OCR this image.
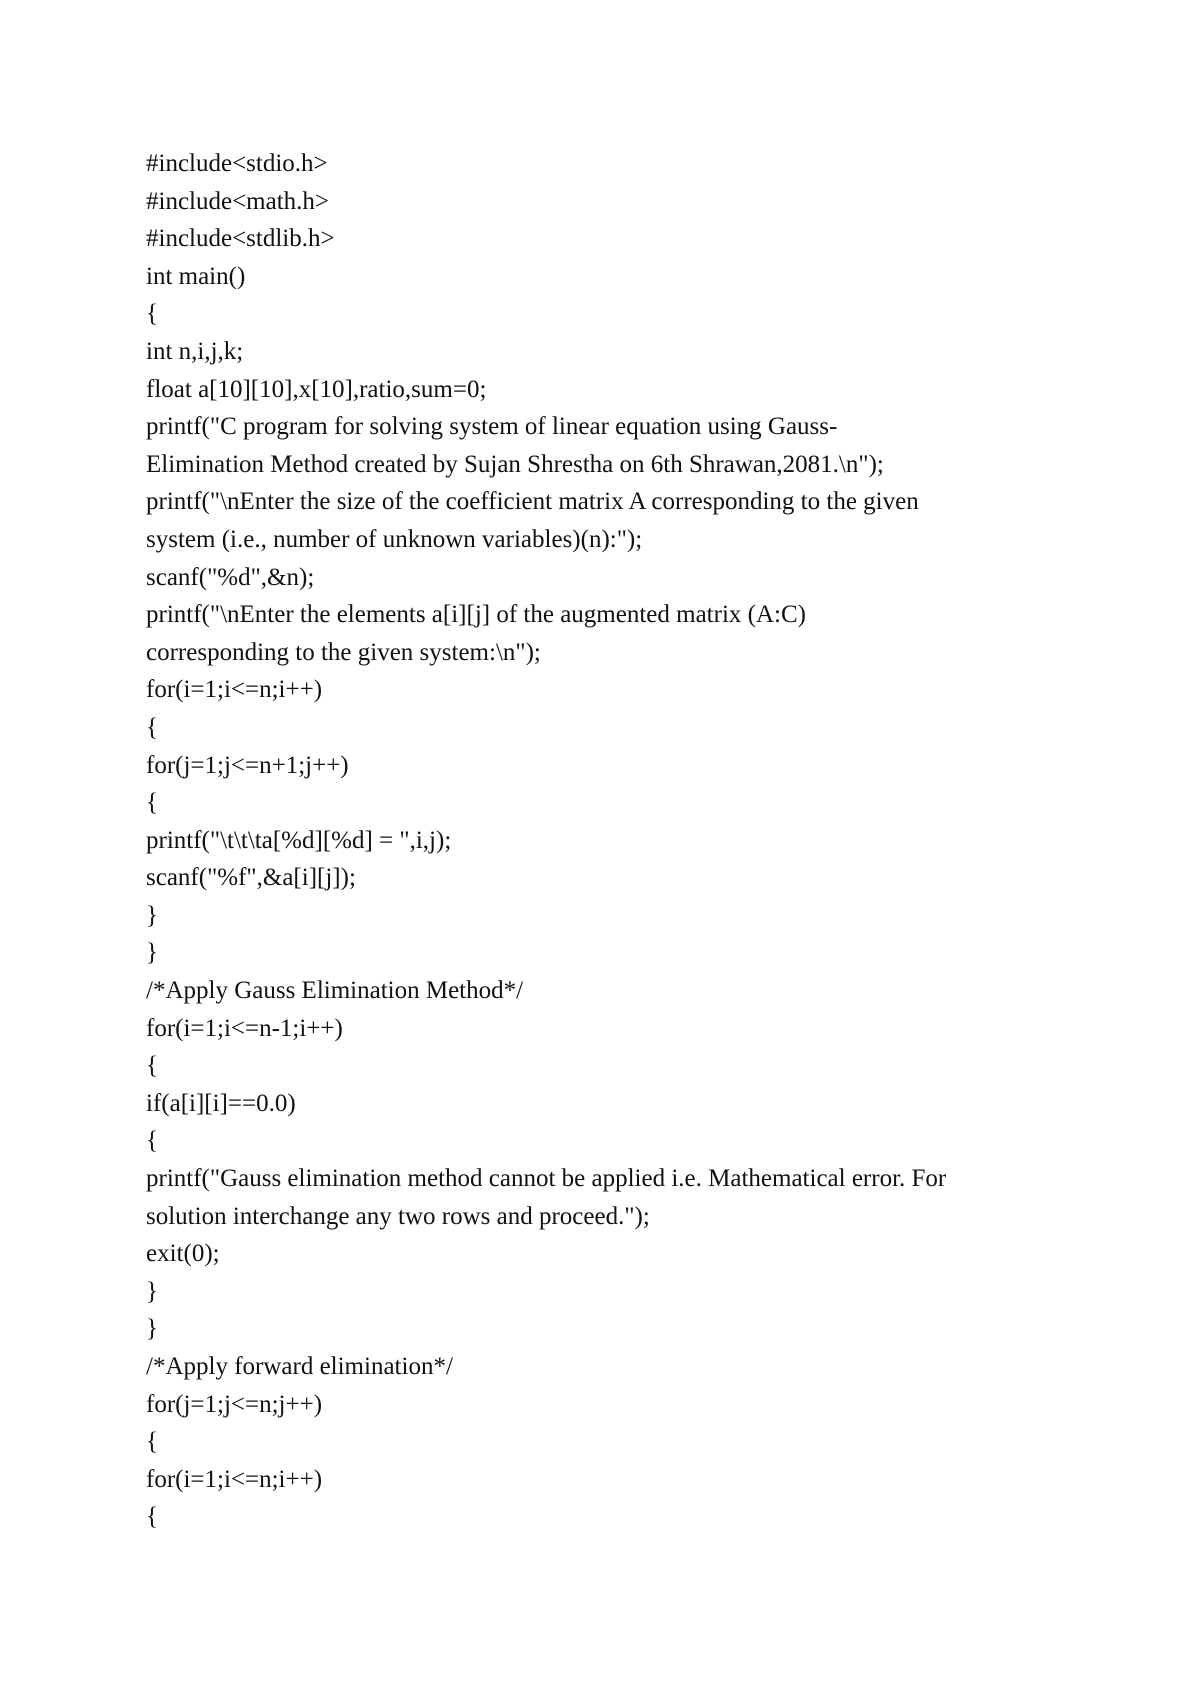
#include<stdio.h>
#include<math.h>
#include<stdlib.h>
int main()
{
int n,i,j,k;
float a[10][10],x[10],ratio,sum=0;
printf("C program for solving system of linear equation using Gauss-
Elimination Method created by Sujan Shrestha on 6th Shrawan,2081.\n");
printf("\nEnter the size of the coefficient matrix A corresponding to the given
system (i.e., number of unknown variables)(n):");
scanf("%d",&n);
printf("\nEnter the elements a[i][j] of the augmented matrix (A:C)
corresponding to the given system:\n");
for(i=1;i<=n;i++)
{
for(j=1;j<=n+1;j++)
{
printf("\t\t\ta[%d][%d] = ",i,j);
scanf("%f",&a[i][j]);
}
}
/*Apply Gauss Elimination Method*/
for(i=1;i<=n-1;i++)
{
if(a[i][i]==0.0)
{
printf("Gauss elimination method cannot be applied i.e. Mathematical error. For
solution interchange any two rows and proceed.");
exit(0);
}
}
/*Apply forward elimination*/
for(j=1;j<=n;j++)
{
for(i=1;i<=n;i++)
{
